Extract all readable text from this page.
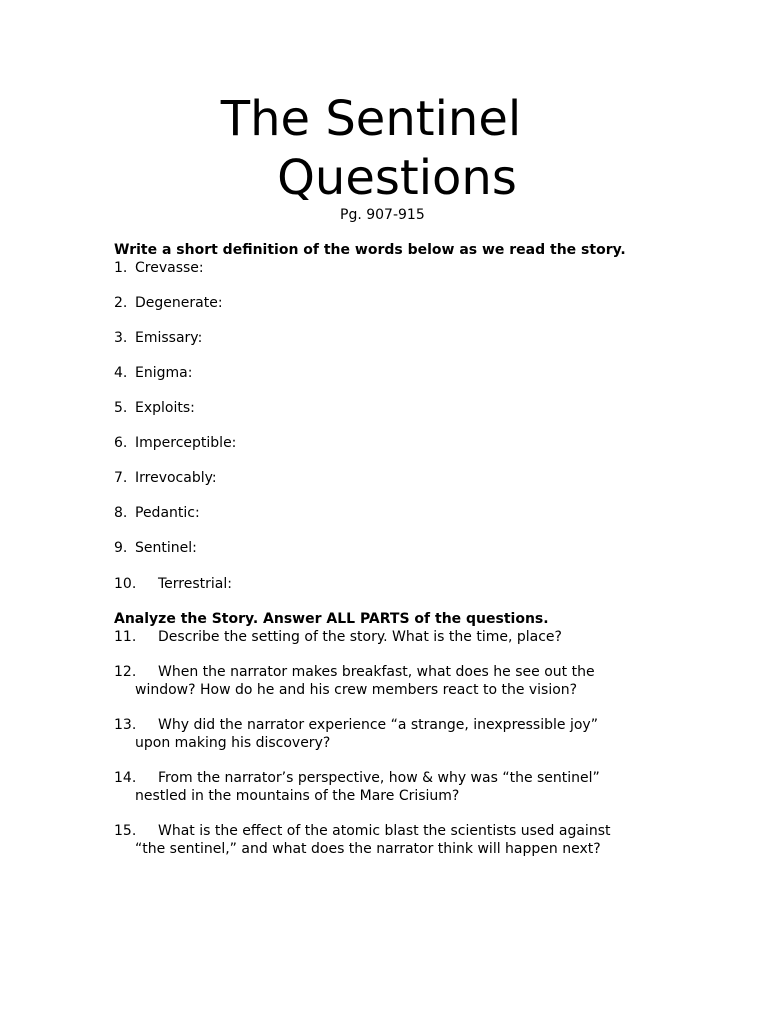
The Sentinel
Questions
Pg. 907-915
Write a short definition of the words below as we read the story.
1. Crevasse:
2. Degenerate:
3. Emissary:
4. Enigma:
5. Exploits:
6. Imperceptible:
7. Irrevocably:
8. Pedantic:
9. Sentinel:
10. Terrestrial:
Analyze the Story. Answer ALL PARTS of the questions.
11. Describe the setting of the story. What is the time, place?
12. When the narrator makes breakfast, what does he see out the
window? How do he and his crew members react to the vision?
13. Why did the narrator experience “a strange, inexpressible joy”
upon making his discovery?
14. From the narrator’s perspective, how & why was “the sentinel”
nestled in the mountains of the Mare Crisium?
15. What is the effect of the atomic blast the scientists used against
“the sentinel,” and what does the narrator think will happen next?
